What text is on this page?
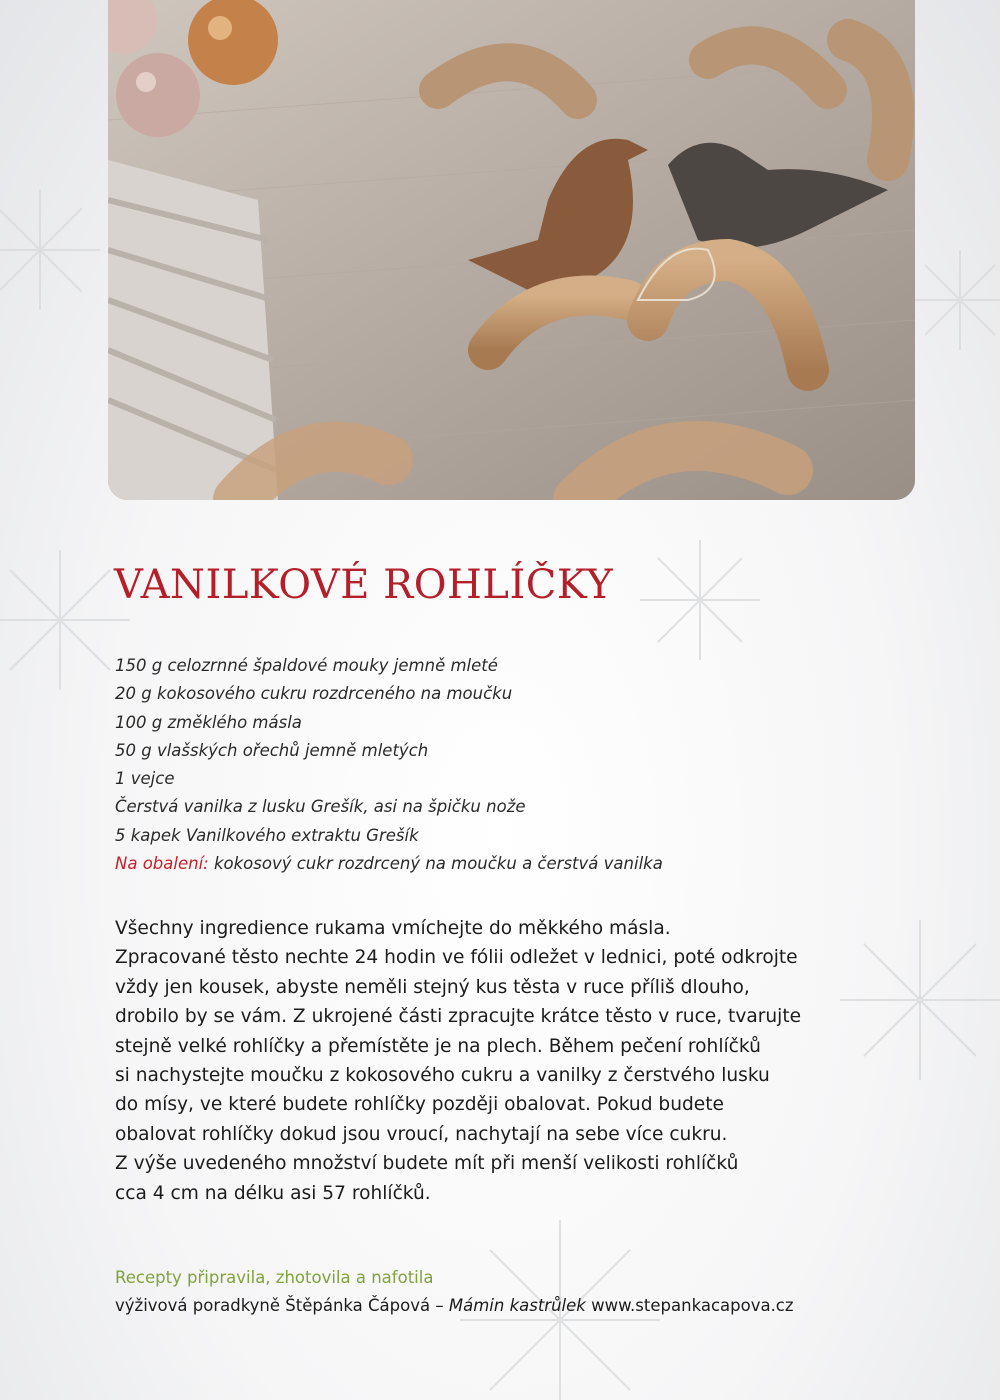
VANILKOVÉ ROHLÍČKY
150 g celozrnné špaldové mouky jemně mleté
20 g kokosového cukru rozdrceného na moučku
100 g změklého másla
50 g vlašských ořechů jemně mletých
1 vejce
Čerstvá vanilka z lusku Grešík, asi na špičku nože
5 kapek Vanilkového extraktu Grešík
Na obalení: kokosový cukr rozdrcený na moučku a čerstvá vanilka

Všechny ingredience rukama vmíchejte do měkkého másla.

Zpracované těsto nechte 24 hodin ve fólii odležet v lednici, poté odkrojte

vždy jen kousek, abyste neměli stejný kus těsta v ruce příliš dlouho,

drobilo by se vám. Z ukrojené části zpracujte krátce těsto v ruce, tvarujte

stejně velké rohlíčky a přemístěte je na plech. Během pečení rohlíčků

si nachystejte moučku z kokosového cukru a vanilky z čerstvého lusku

do mísy, ve které budete rohlíčky později obalovat. Pokud budete

obalovat rohlíčky dokud jsou vroucí, nachytají na sebe více cukru.

Z výše uvedeného množství budete mít při menší velikosti rohlíčků

cca 4 cm na délku asi 57 rohlíčků.

Recepty připravila, zhotovila a nafotila

výživová poradkyně Štěpánka Čápová – Mámin kastrůlek www.stepankacapova.cz
